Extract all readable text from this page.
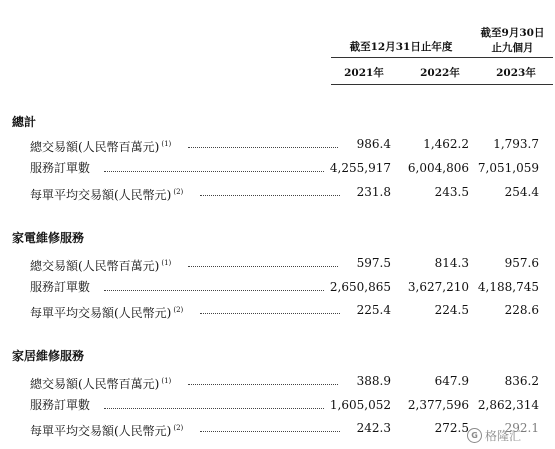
截至12月31日止年度
截至9月30日
止九個月
2021年	2022年	2023年
總計
總交易額(人民幣百萬元) $^{(1)}$	986.4	1,462.2 1,793.7
服務訂單數	4,255,917 6,004,806 7,051,059
每單平均交易額(人民幣元) $^{(2)}$	231.8	243.5	254.4
家電維修服務
總交易額(人民幣百萬元) $^{(1)}$	597.5	814.3	957.6
服務訂單數	2,650,865 3,627,210 4,188,745
每單平均交易額(人民幣元) $^{(2)}$	225.4	224.5	228.6
家居維修服務
總交易額(人民幣百萬元) $^{(1)}$	388.9	647.9	836.2
服務訂單數	1,605,052 2,377,596 2,862,314
每單平均交易額(人民幣元) $^{(2)}$	242.3	272.5	292.1
G 格隆汇
